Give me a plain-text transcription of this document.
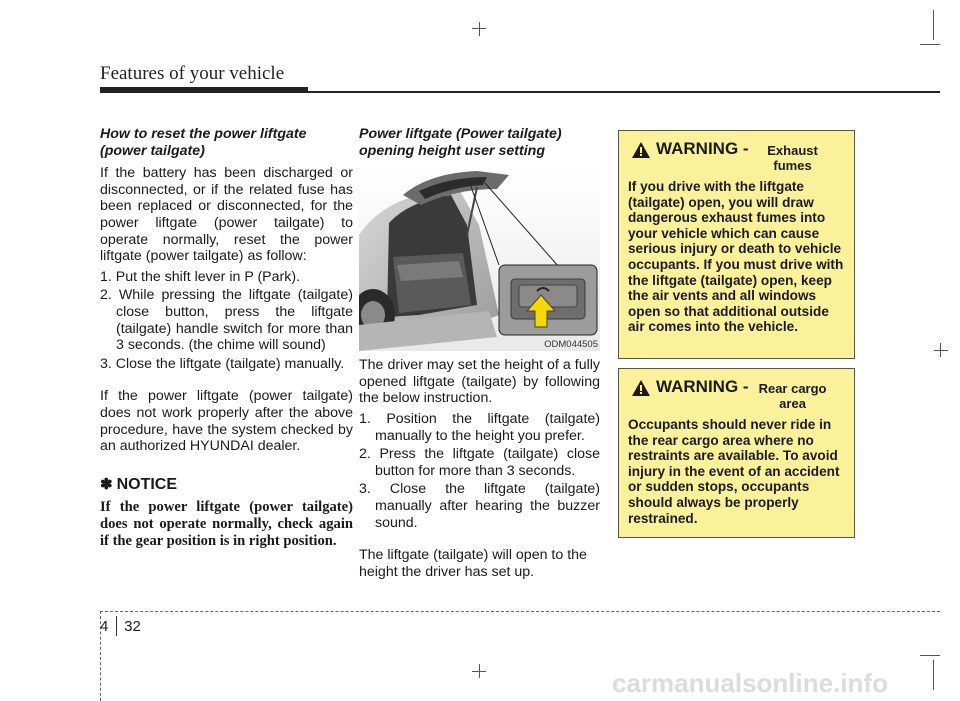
Features of your vehicle
How to reset the power liftgate (power tailgate)

If the battery has been discharged or disconnected, or if the related fuse has been replaced or disconnected, for the power liftgate (power tailgate) to operate normally, reset the power liftgate (power tailgate) as follow:

1. Put the shift lever in P (Park).
2. While pressing the liftgate (tailgate) close button, press the liftgate (tailgate) handle switch for more than 3 seconds. (the chime will sound)
3. Close the liftgate (tailgate) manually.

If the power liftgate (power tailgate) does not work properly after the above procedure, have the system checked by an authorized HYUNDAI dealer.

✽ NOTICE
If the power liftgate (power tailgate) does not operate normally, check again if the gear position is in right position.
Power liftgate (Power tailgate) opening height user setting
ODM044505

The driver may set the height of a fully opened liftgate (tailgate) by following the below instruction.

1. Position the liftgate (tailgate) manually to the height you prefer.
2. Press the liftgate (tailgate) close button for more than 3 seconds.
3. Close the liftgate (tailgate) manually after hearing the buzzer sound.

The liftgate (tailgate) will open to the height the driver has set up.

WARNING -	Exhaust fumes
If you drive with the liftgate (tailgate) open, you will draw dangerous exhaust fumes into your vehicle which can cause serious injury or death to vehicle occupants. If you must drive with the liftgate (tailgate) open, keep the air vents and all windows open so that additional outside air comes into the vehicle.
WARNING - Rear cargo area
Occupants should never ride in the rear cargo area where no restraints are available. To avoid injury in the event of an accident or sudden stops, occupants should always be properly restrained.
4 32
carmanualsonline.info
